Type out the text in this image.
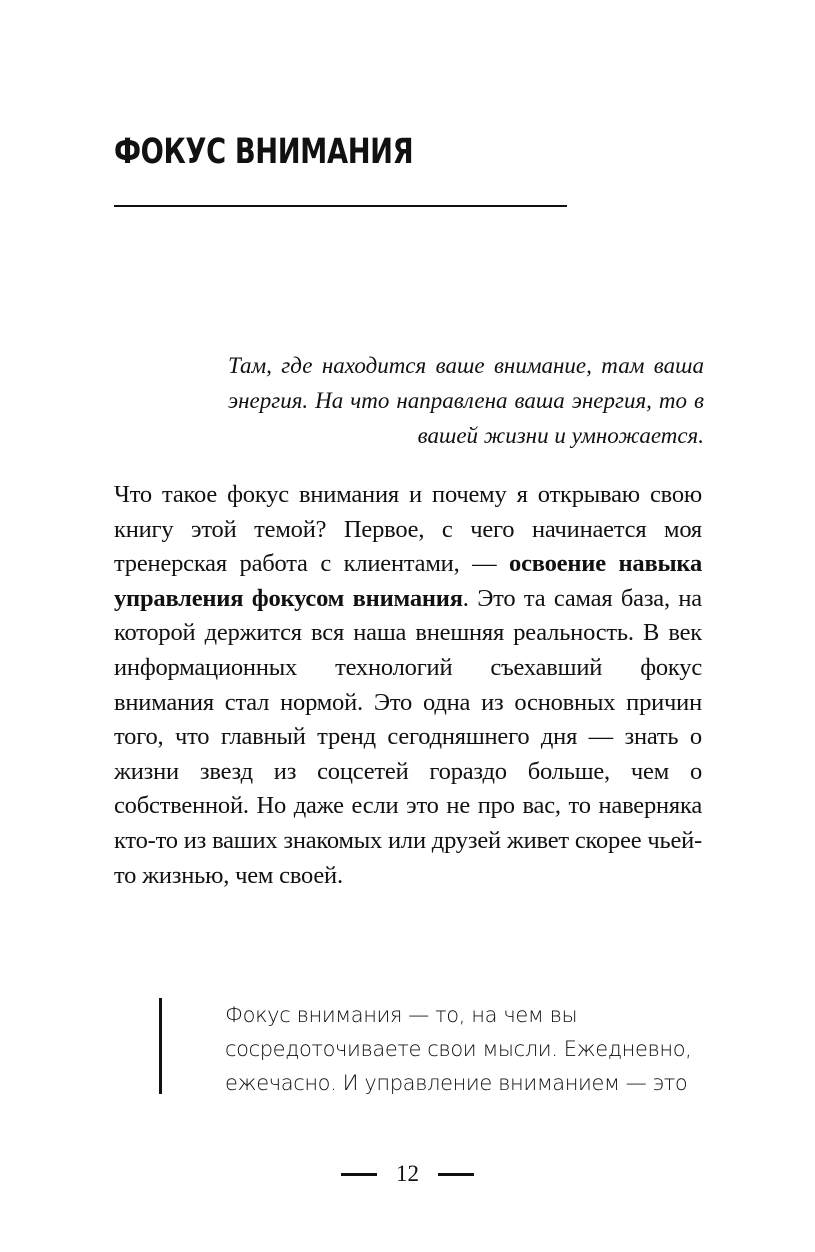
ФОКУС ВНИМАНИЯ

Там, где находится ваше внимание, там ваша энергия. На что направлена ваша энергия, то в вашей жизни и умножается.

Что такое фокус внимания и почему я открываю свою книгу этой темой? Первое, с чего начинается моя тренерская работа с клиентами, — освоение навыка управления фокусом внимания. Это та самая база, на которой держится вся наша внешняя реальность. В век информационных технологий съехавший фокус внимания стал нормой. Это одна из основных причин того, что главный тренд сегодняшнего дня — знать о жизни звезд из соцсетей гораздо больше, чем о собственной. Но даже если это не про вас, то наверняка кто-то из ваших знакомых или друзей живет скорее чьей-то жизнью, чем своей.

Фокус внимания — то, на чем вы
сосредоточиваете свои мысли. Ежедневно,
ежечасно. И управление вниманием — это
12
